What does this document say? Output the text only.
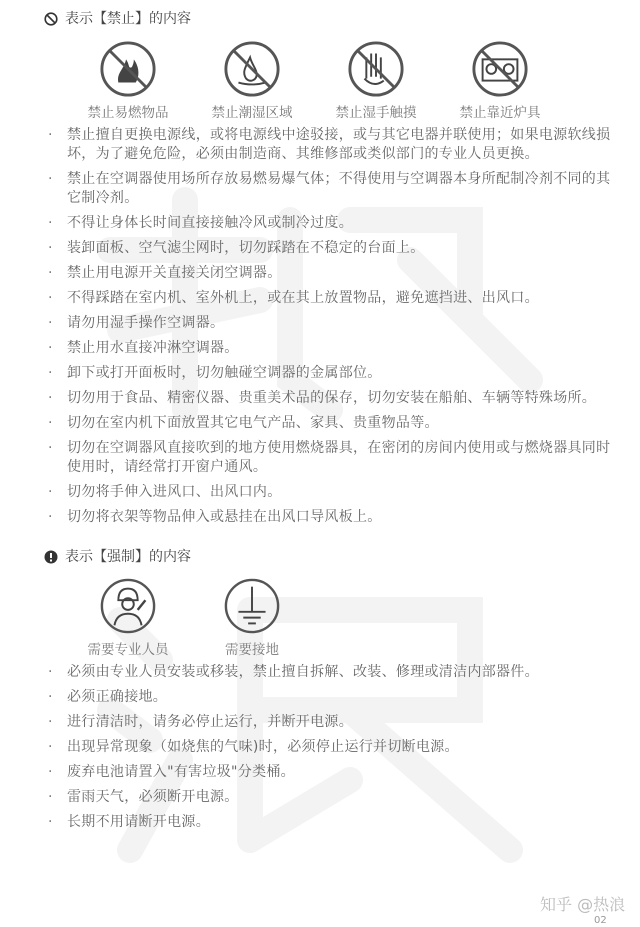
表示【禁止】的内容
禁止易燃物品	禁止潮湿区域	禁止湿手触摸	禁止靠近炉具
· 禁止擅自更换电源线，或将电源线中途驳接，或与其它电器并联使用；如果电源软线损坏，为了避免危险，必须由制造商、其维修部或类似部门的专业人员更换。
· 禁止在空调器使用场所存放易燃易爆气体；不得使用与空调器本身所配制冷剂不同的其它制冷剂。
· 不得让身体长时间直接接触冷风或制冷过度。
· 装卸面板、空气滤尘网时，切勿踩踏在不稳定的台面上。
· 禁止用电源开关直接关闭空调器。
· 不得踩踏在室内机、室外机上，或在其上放置物品，避免遮挡进、出风口。
· 请勿用湿手操作空调器。
· 禁止用水直接冲淋空调器。
· 卸下或打开面板时，切勿触碰空调器的金属部位。
· 切勿用于食品、精密仪器、贵重美术品的保存，切勿安装在船舶、车辆等特殊场所。
· 切勿在室内机下面放置其它电气产品、家具、贵重物品等。
· 切勿在空调器风直接吹到的地方使用燃烧器具，在密闭的房间内使用或与燃烧器具同时使用时，请经常打开窗户通风。
· 切勿将手伸入进风口、出风口内。
· 切勿将衣架等物品伸入或悬挂在出风口导风板上。
表示【强制】的内容
需要专业人员	需要接地
· 必须由专业人员安装或移装，禁止擅自拆解、改装、修理或清洁内部器件。
· 必须正确接地。
· 进行清洁时，请务必停止运行，并断开电源。
· 出现异常现象（如烧焦的气味)时，必须停止运行并切断电源。
· 废弃电池请置入"有害垃圾"分类桶。
· 雷雨天气，必须断开电源。
· 长期不用请断开电源。
知乎 @热浪
02
